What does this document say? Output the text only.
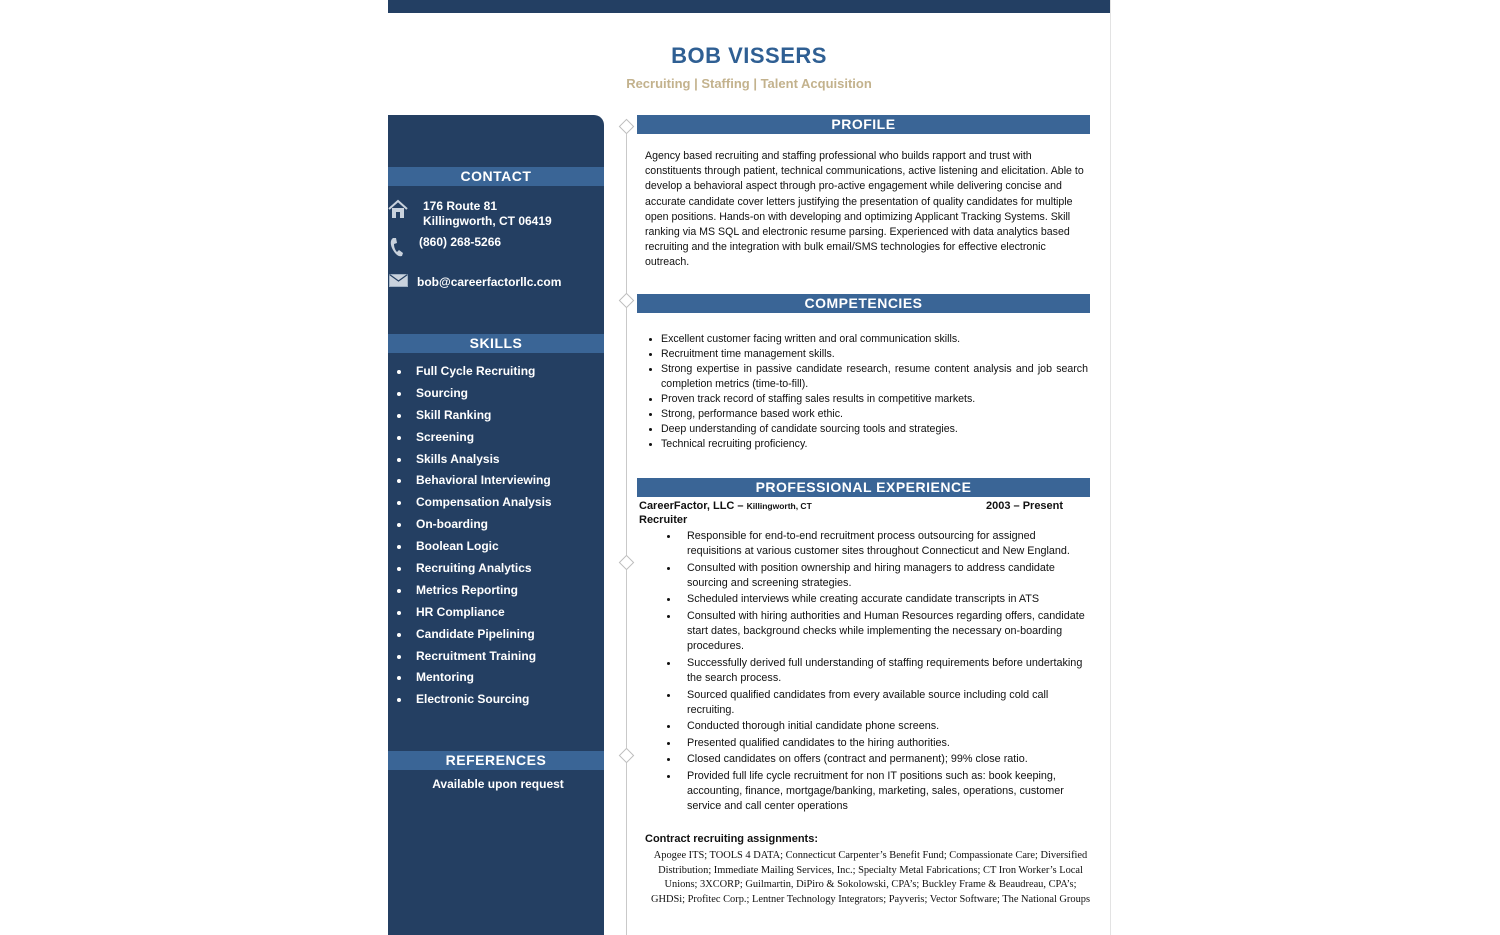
BOB VISSERS
Recruiting | Staffing | Talent Acquisition
CONTACT
176 Route 81
Killingworth, CT 06419
(860) 268-5266
bob@careerfactorllc.com
SKILLS
Full Cycle Recruiting
Sourcing
Skill Ranking
Screening
Skills Analysis
Behavioral Interviewing
Compensation Analysis
On-boarding
Boolean Logic
Recruiting Analytics
Metrics Reporting
HR Compliance
Candidate Pipelining
Recruitment Training
Mentoring
Electronic Sourcing
REFERENCES
Available upon request
PROFILE

Agency based recruiting and staffing professional who builds rapport and trust with constituents through patient, technical communications, active listening and elicitation. Able to develop a behavioral aspect through pro-active engagement while delivering concise and accurate candidate cover letters justifying the presentation of quality candidates for multiple open positions. Hands-on with developing and optimizing Applicant Tracking Systems. Skill ranking via MS SQL and electronic resume parsing. Experienced with data analytics based recruiting and the integration with bulk email/SMS technologies for effective electronic outreach.

COMPETENCIES
Excellent customer facing written and oral communication skills.
Recruitment time management skills.
Strong expertise in passive candidate research, resume content analysis and job search completion metrics (time-to-fill).
Proven track record of staffing sales results in competitive markets.
Strong, performance based work ethic.
Deep understanding of candidate sourcing tools and strategies.
Technical recruiting proficiency.
PROFESSIONAL EXPERIENCE
CareerFactor, LLC – Killingworth, CT	2003 – Present
Recruiter
Responsible for end-to-end recruitment process outsourcing for assigned requisitions at various customer sites throughout Connecticut and New England.
Consulted with position ownership and hiring managers to address candidate sourcing and screening strategies.
Scheduled interviews while creating accurate candidate transcripts in ATS
Consulted with hiring authorities and Human Resources regarding offers, candidate start dates, background checks while implementing the necessary on-boarding procedures.
Successfully derived full understanding of staffing requirements before undertaking the search process.
Sourced qualified candidates from every available source including cold call recruiting.
Conducted thorough initial candidate phone screens.
Presented qualified candidates to the hiring authorities.
Closed candidates on offers (contract and permanent); 99% close ratio.
Provided full life cycle recruitment for non IT positions such as: book keeping, accounting, finance, mortgage/banking, marketing, sales, operations, customer service and call center operations
Contract recruiting assignments:
Apogee ITS; TOOLS 4 DATA; Connecticut Carpenter’s Benefit Fund; Compassionate Care; Diversified Distribution; Immediate Mailing Services, Inc.; Specialty Metal Fabrications; CT Iron Worker’s Local Unions; 3XCORP; Guilmartin, DiPiro & Sokolowski, CPA’s; Buckley Frame & Beaudreau, CPA’s; GHDSi; Profitec Corp.; Lentner Technology Integrators; Payveris; Vector Software; The National Groups
